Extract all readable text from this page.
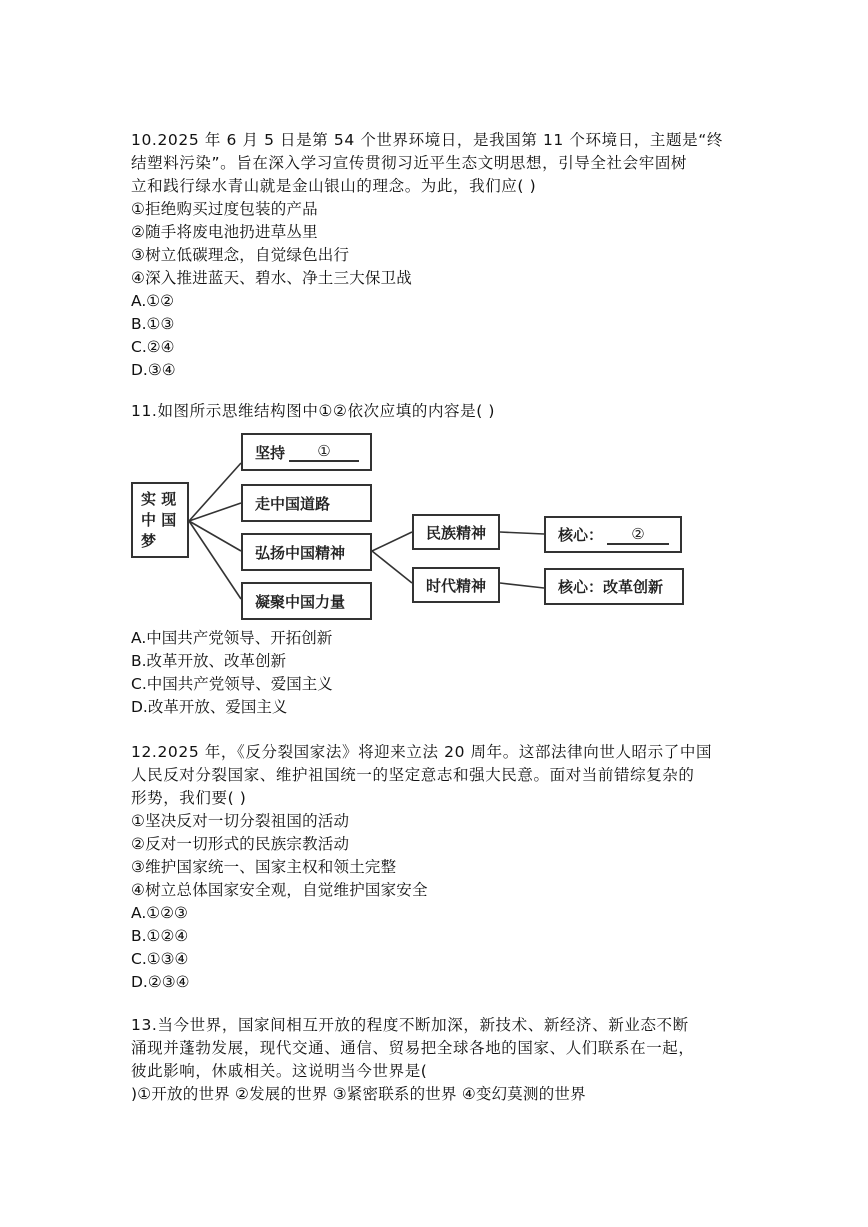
10.2025 年 6 月 5 日是第 54 个世界环境日，是我国第 11 个环境日，主题是“终
结塑料污染”。旨在深入学习宣传贯彻习近平生态文明思想，引导全社会牢固树
立和践行绿水青山就是金山银山的理念。为此，我们应( )
①拒绝购买过度包装的产品
②随手将废电池扔进草丛里
③树立低碳理念，自觉绿色出行
④深入推进蓝天、碧水、净土三大保卫战
A.①②
B.①③
C.②④
D.③④
11.如图所示思维结构图中①②依次应填的内容是( )
实 现
中 国
梦
坚持	①
走中国道路
弘扬中国精神
凝聚中国力量
民族精神
时代精神
核心：	②
核心：改革创新
A.中国共产党领导、开拓创新
B.改革开放、改革创新
C.中国共产党领导、爱国主义
D.改革开放、爱国主义
12.2025 年，《反分裂国家法》将迎来立法 20 周年。这部法律向世人昭示了中国
人民反对分裂国家、维护祖国统一的坚定意志和强大民意。面对当前错综复杂的
形势，我们要( )
①坚决反对一切分裂祖国的活动
②反对一切形式的民族宗教活动
③维护国家统一、国家主权和领土完整
④树立总体国家安全观，自觉维护国家安全
A.①②③
B.①②④
C.①③④
D.②③④
13.当今世界，国家间相互开放的程度不断加深，新技术、新经济、新业态不断
涌现并蓬勃发展，现代交通、通信、贸易把全球各地的国家、人们联系在一起，
彼此影响，休戚相关。这说明当今世界是(
)①开放的世界 ②发展的世界 ③紧密联系的世界 ④变幻莫测的世界
